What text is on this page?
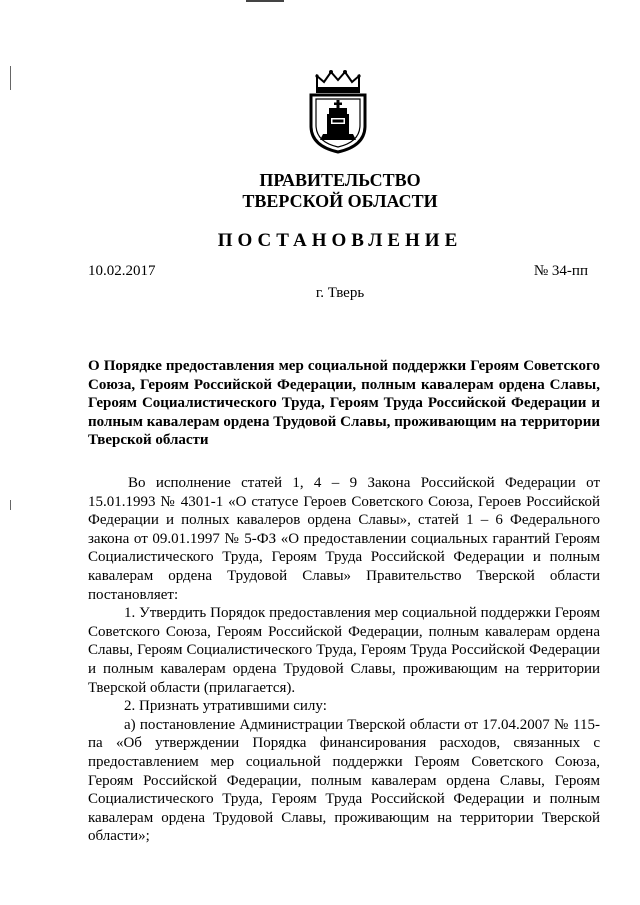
ПРАВИТЕЛЬСТВО
ТВЕРСКОЙ ОБЛАСТИ
ПОСТАНОВЛЕНИЕ
10.02.2017	№ 34-пп
г. Тверь
О Порядке предоставления мер социальной поддержки Героям Советского Союза, Героям Российской Федерации, полным кавалерам ордена Славы, Героям Социалистического Труда, Героям Труда Российской Федерации и полным кавалерам ордена Трудовой Славы, проживающим на территории Тверской области

Во исполнение статей 1, 4 – 9 Закона Российской Федерации от 15.01.1993 № 4301-1 «О статусе Героев Советского Союза, Героев Российской Федерации и полных кавалеров ордена Славы», статей 1 – 6 Федерального закона от 09.01.1997 № 5-ФЗ «О предоставлении социальных гарантий Героям Социалистического Труда, Героям Труда Российской Федерации и полным кавалерам ордена Трудовой Славы» Правительство Тверской области постановляет:

1. Утвердить Порядок предоставления мер социальной поддержки Героям Советского Союза, Героям Российской Федерации, полным кавалерам ордена Славы, Героям Социалистического Труда, Героям Труда Российской Федерации и полным кавалерам ордена Трудовой Славы, проживающим на территории Тверской области (прилагается).

2. Признать утратившими силу:

а) постановление Администрации Тверской области от 17.04.2007 № 115-па «Об утверждении Порядка финансирования расходов, связанных с предоставлением мер социальной поддержки Героям Советского Союза, Героям Российской Федерации, полным кавалерам ордена Славы, Героям Социалистического Труда, Героям Труда Российской Федерации и полным кавалерам ордена Трудовой Славы, проживающим на территории Тверской области»;
